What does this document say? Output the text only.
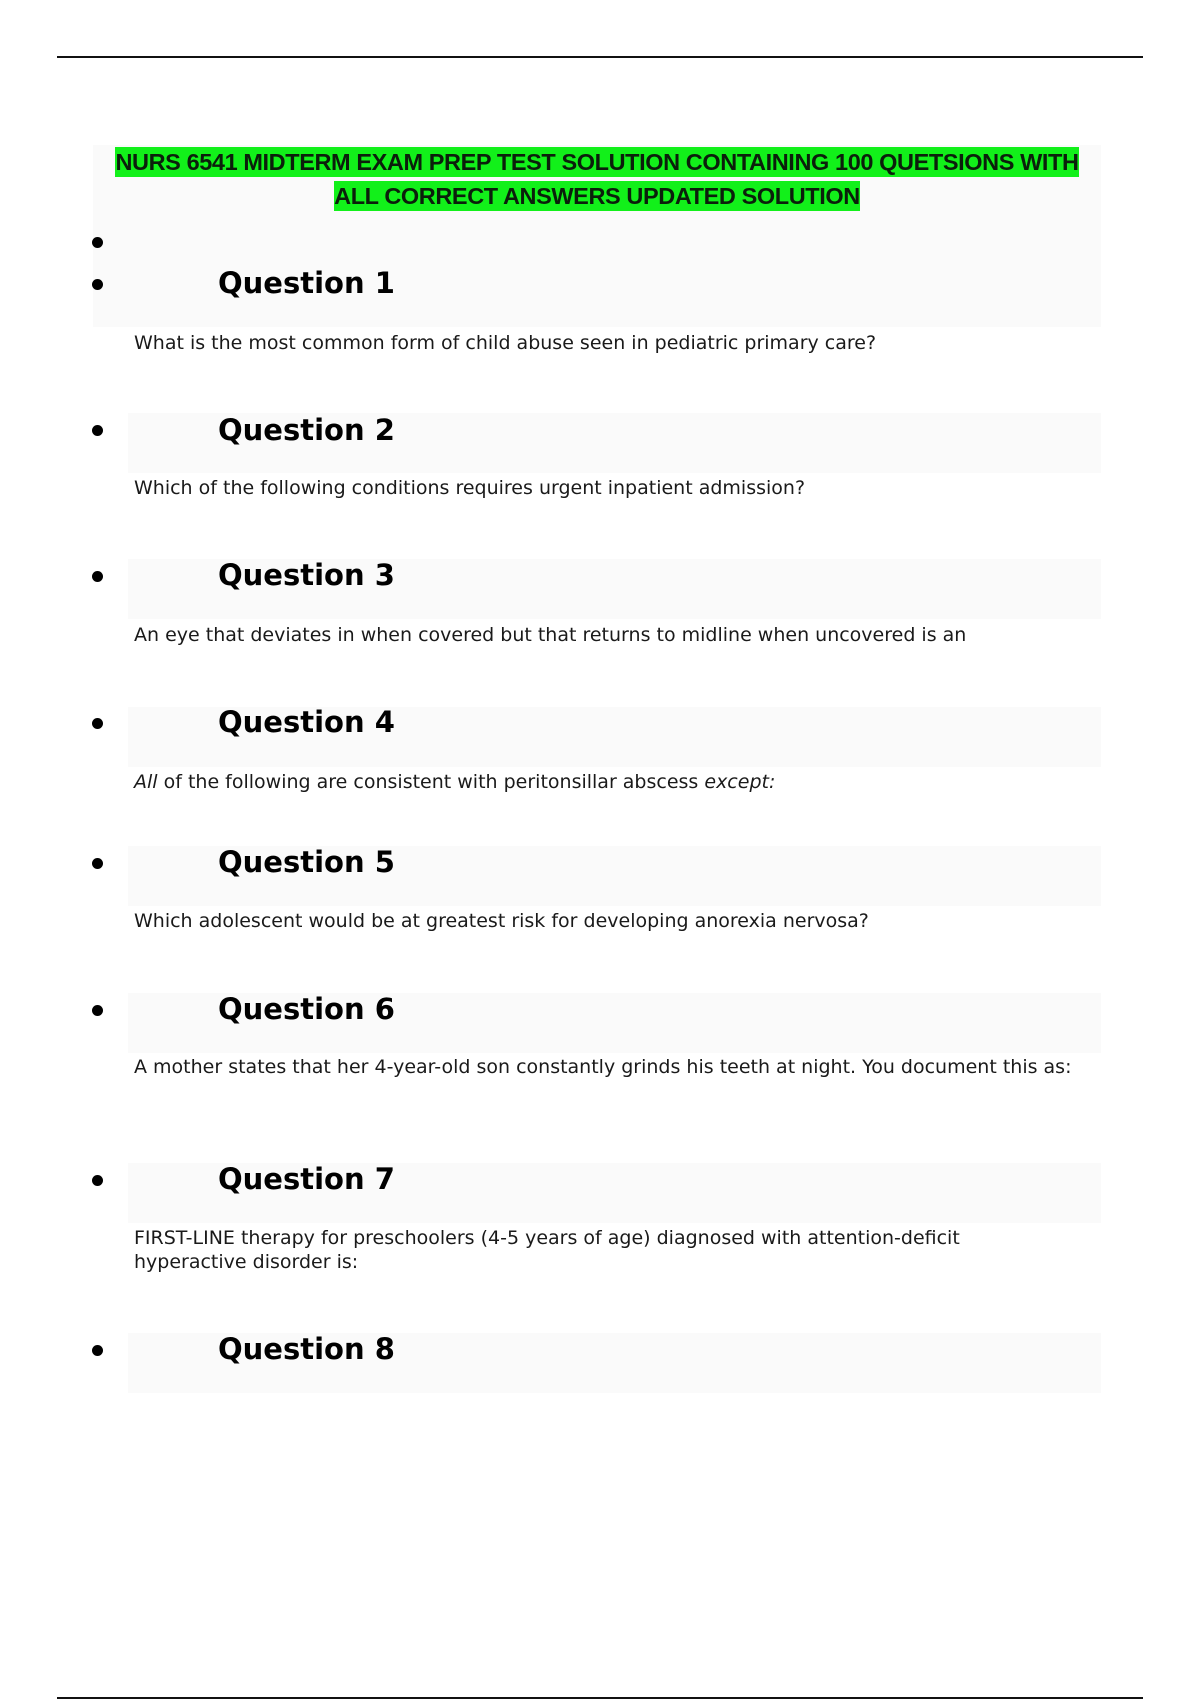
NURS 6541 MIDTERM EXAM PREP TEST SOLUTION CONTAINING 100 QUETSIONS WITH ALL CORRECT ANSWERS UPDATED SOLUTION
Question 1
What is the most common form of child abuse seen in pediatric primary care?
Question 2
Which of the following conditions requires urgent inpatient admission?
Question 3
An eye that deviates in when covered but that returns to midline when uncovered is an
Question 4
All of the following are consistent with peritonsillar abscess except:
Question 5
Which adolescent would be at greatest risk for developing anorexia nervosa?
Question 6
A mother states that her 4-year-old son constantly grinds his teeth at night. You document this as:
Question 7
FIRST-LINE therapy for preschoolers (4-5 years of age) diagnosed with attention-deficit hyperactive disorder is:
Question 8
